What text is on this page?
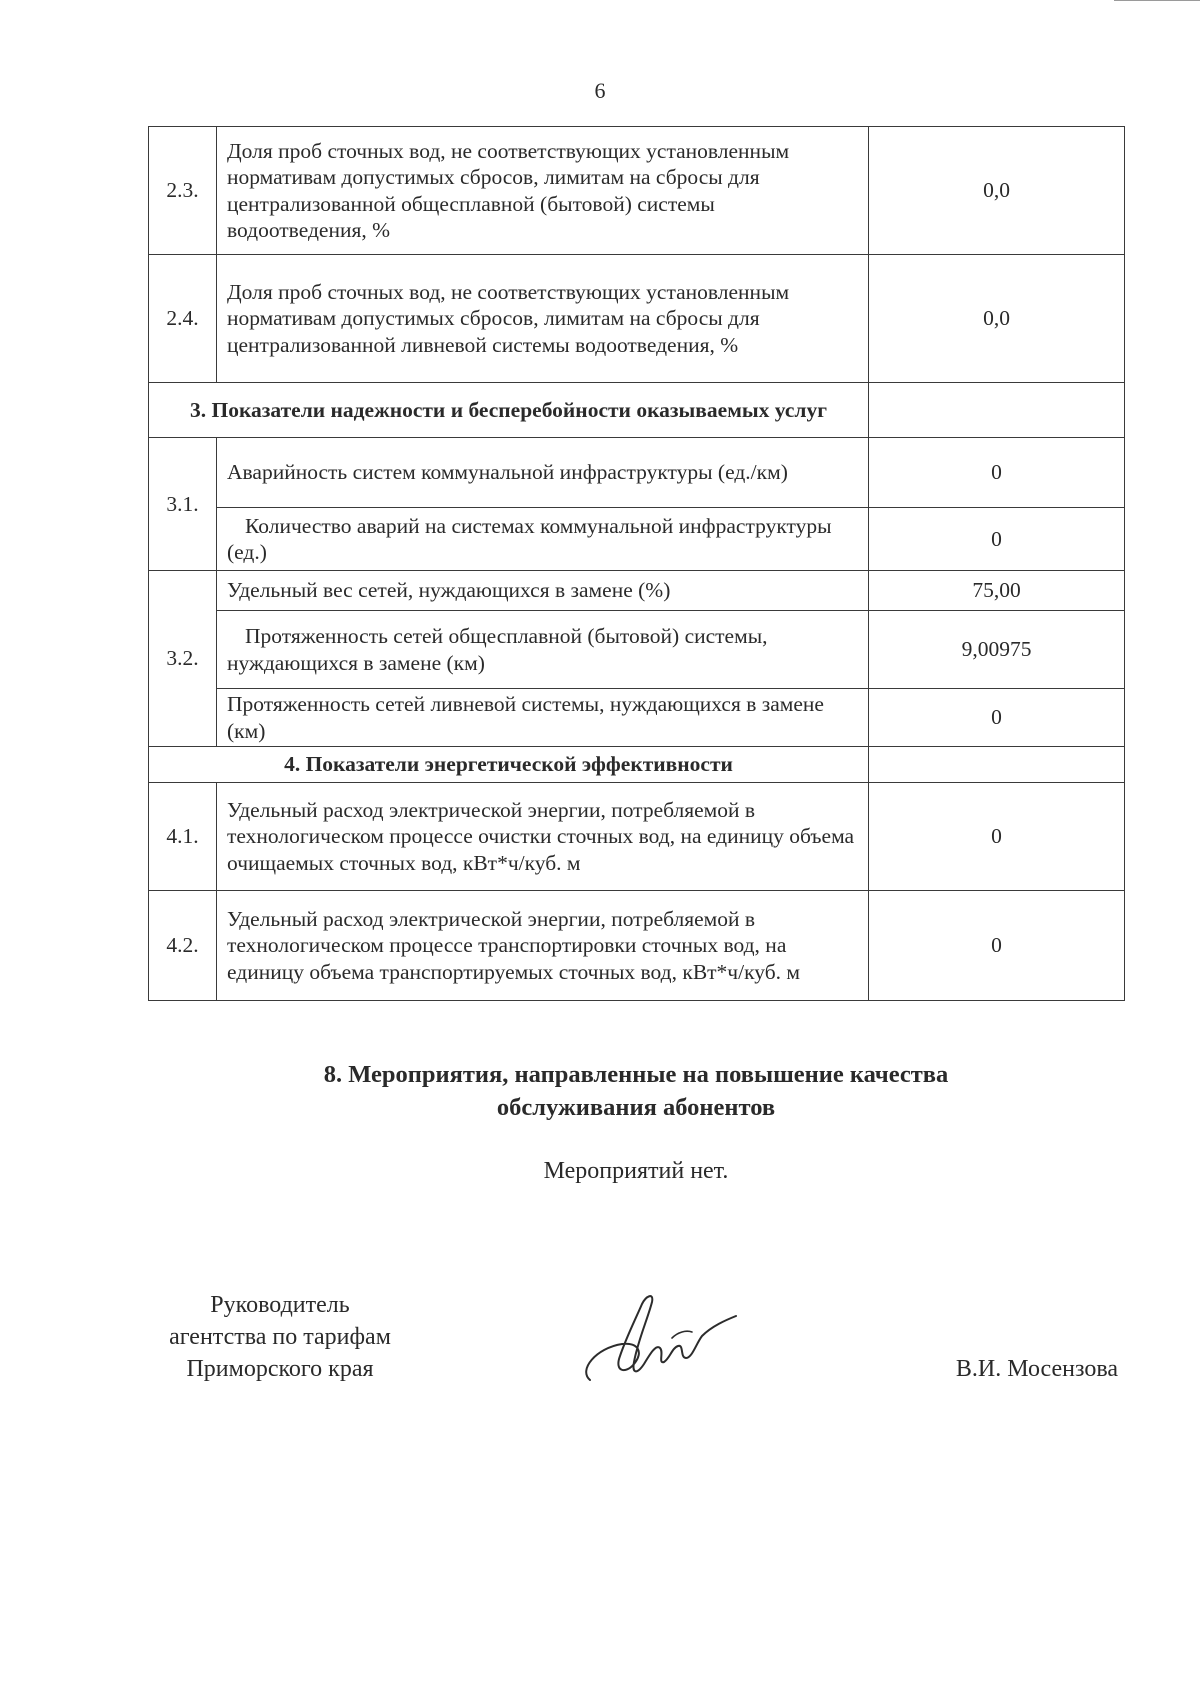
6
2.3.	Доля проб сточных вод, не соответствующих установленным нормативам допустимых сбросов, лимитам на сбросы для централизованной общесплавной (бытовой) системы водоотведения, %	0,0
2.4.	Доля проб сточных вод, не соответствующих установленным нормативам допустимых сбросов, лимитам на сбросы для централизованной ливневой системы водоотведения, %	0,0
3. Показатели надежности и бесперебойности оказываемых услуг		
3.1.	Аварийность систем коммунальной инфраструктуры (ед./км)	0
	Количество аварий на системах коммунальной инфраструктуры (ед.)	0
3.2.	Удельный вес сетей, нуждающихся в замене (%)	75,00
	Протяженность сетей общесплавной (бытовой) системы, нуждающихся в замене (км)	9,00975
	Протяженность сетей ливневой системы, нуждающихся в замене (км)	0
4. Показатели энергетической эффективности		
4.1.	Удельный расход электрической энергии, потребляемой в технологическом процессе очистки сточных вод, на единицу объема очищаемых сточных вод, кВт*ч/куб. м	0
4.2.	Удельный расход электрической энергии, потребляемой в технологическом процессе транспортировки сточных вод, на единицу объема транспортируемых сточных вод, кВт*ч/куб. м	0
8. Мероприятия, направленные на повышение качества
обслуживания абонентов

Мероприятий нет.

Руководитель
агентства по тарифам
Приморского края	В.И. Мосензова
